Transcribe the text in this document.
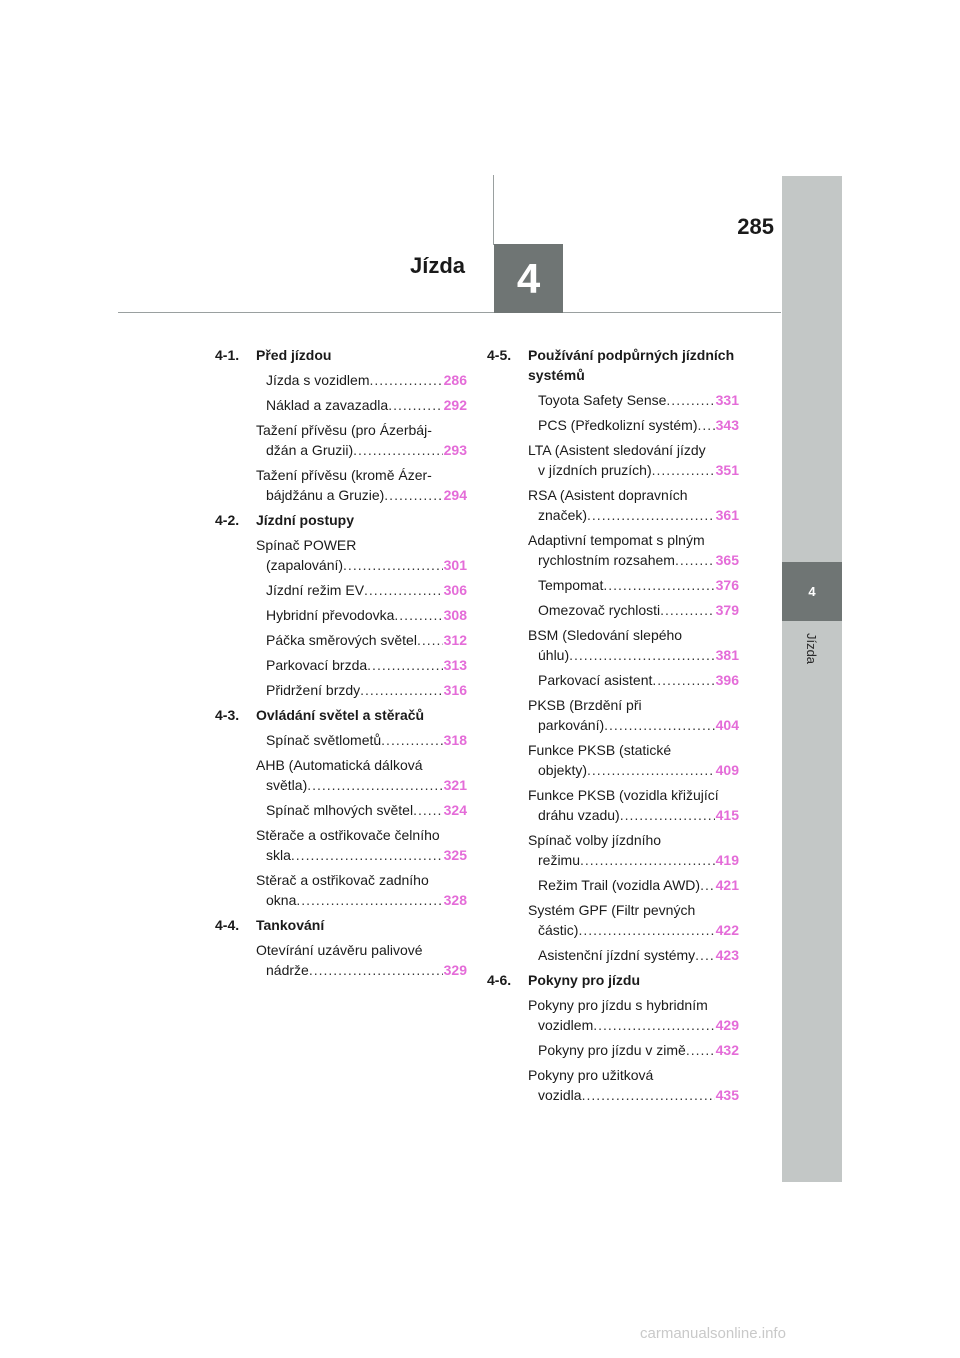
Jízda 4
285
4
Jízda
4-1.	Před jízdou
Jízda s vozidlem .....	286
Náklad a zavazadla .....	292
Tažení přívěsu (pro Ázerbáj-
džán a Gruzii) .....	293
Tažení přívěsu (kromě Ázer-
bájdžánu a Gruzie) .....	294
4-2.	Jízdní postupy
Spínač POWER
(zapalování) .....	301
Jízdní režim EV .....	306
Hybridní převodovka .....	308
Páčka směrových světel ..... 312
Parkovací brzda .....	313
Přidržení brzdy .....	316
4-3.	Ovládání světel a stěračů
Spínač světlometů .....	318
AHB (Automatická dálková
světla) .....	321
Spínač mlhových světel ..... 324
Stěrače a ostřikovače čelního
skla .....	325
Stěrač a ostřikovač zadního
okna .....	328
4-4.	Tankování
Otevírání uzávěru palivové
nádrže .....	329
4-5.	Používání podpůrných jízdních systémů
Toyota Safety Sense .....	331
PCS (Předkolizní systém) ..... 343
LTA (Asistent sledování jízdy
v jízdních pruzích) .....	351
RSA (Asistent dopravních
značek) .....	361
Adaptivní tempomat s plným
rychlostním rozsahem .....	365
Tempomat .....	376
Omezovač rychlosti .....	379
BSM (Sledování slepého
úhlu) .....	381
Parkovací asistent .....	396
PKSB (Brzdění při
parkování) .....	404
Funkce PKSB (statické
objekty) .....	409
Funkce PKSB (vozidla křižující
dráhu vzadu) .....	415
Spínač volby jízdního
režimu .....	419
Režim Trail (vozidla AWD) ..... 421
Systém GPF (Filtr pevných
částic) .....	422
Asistenční jízdní systémy ..... 423
4-6.	Pokyny pro jízdu
Pokyny pro jízdu s hybridním
vozidlem .....	429
Pokyny pro jízdu v zimě ..... 432
Pokyny pro užitková
vozidla .....	435
carmanualsonline.info
